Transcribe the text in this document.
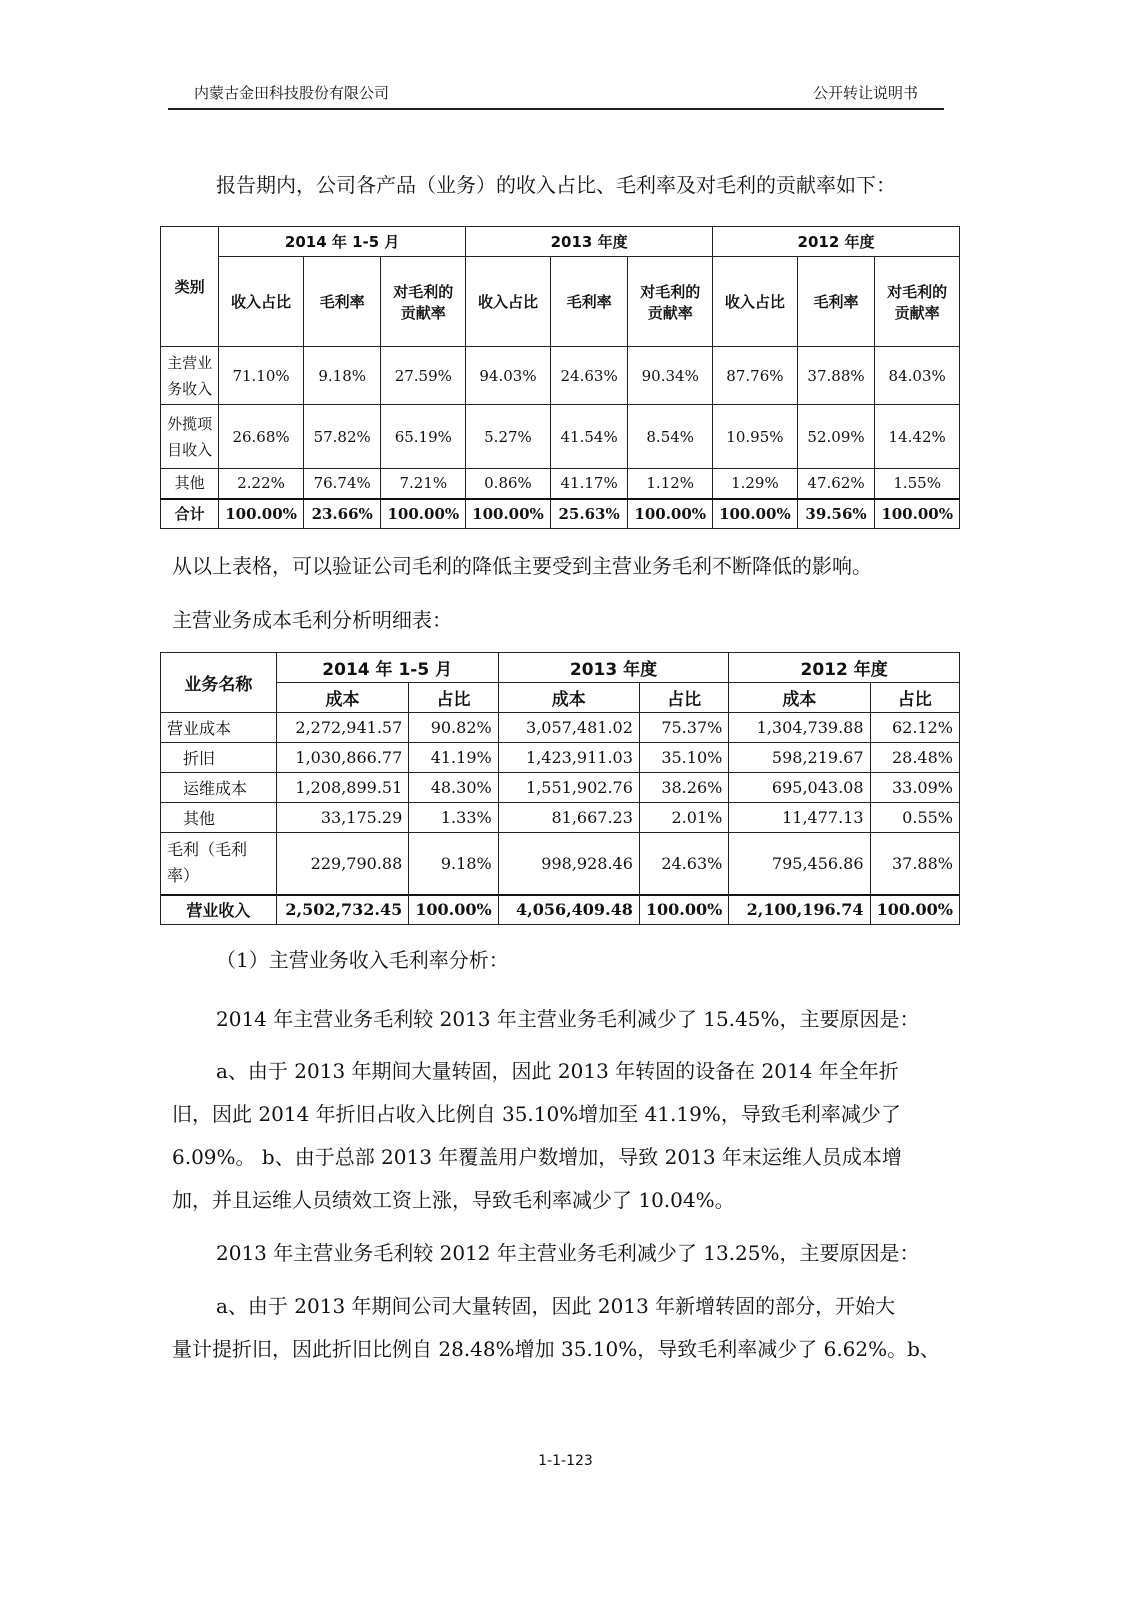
内蒙古金田科技股份有限公司	公开转让说明书
报告期内，公司各产品（业务）的收入占比、毛利率及对毛利的贡献率如下：
类别	2014 年 1-5 月			2013 年度			2012 年度		
	收入占比	毛利率	对毛利的贡献率	收入占比	毛利率	对毛利的贡献率	收入占比	毛利率	对毛利的贡献率
主营业务收入	71.10%	9.18%	27.59%	94.03%	24.63%	90.34%	87.76%	37.88%	84.03%
外揽项目收入	26.68%	57.82%	65.19%	5.27%	41.54%	8.54%	10.95%	52.09%	14.42%
其他	2.22%	76.74%	7.21%	0.86%	41.17%	1.12%	1.29%	47.62%	1.55%
合计	100.00%	23.66%	100.00%	100.00%	25.63%	100.00%	100.00%	39.56%	100.00%
从以上表格，可以验证公司毛利的降低主要受到主营业务毛利不断降低的影响。
主营业务成本毛利分析明细表：
业务名称	2014 年 1-5 月		2013 年度		2012 年度	
	成本	占比	成本	占比	成本	占比
营业成本	2,272,941.57	90.82%	3,057,481.02	75.37%	1,304,739.88	62.12%
折旧	1,030,866.77	41.19%	1,423,911.03	35.10%	598,219.67	28.48%
运维成本	1,208,899.51	48.30%	1,551,902.76	38.26%	695,043.08	33.09%
其他	33,175.29	1.33%	81,667.23	2.01%	11,477.13	0.55%
毛利（毛利率）	229,790.88	9.18%	998,928.46	24.63%	795,456.86	37.88%
营业收入	2,502,732.45	100.00%	4,056,409.48	100.00%	2,100,196.74	100.00%
（1）主营业务收入毛利率分析：
2014 年主营业务毛利较 2013 年主营业务毛利减少了 15.45%，主要原因是：
a、由于 2013 年期间大量转固，因此 2013 年转固的设备在 2014 年全年折
旧，因此 2014 年折旧占收入比例自 35.10%增加至 41.19%，导致毛利率减少了
6.09%。 b、由于总部 2013 年覆盖用户数增加，导致 2013 年末运维人员成本增
加，并且运维人员绩效工资上涨，导致毛利率减少了 10.04%。
2013 年主营业务毛利较 2012 年主营业务毛利减少了 13.25%，主要原因是：
a、由于 2013 年期间公司大量转固，因此 2013 年新增转固的部分，开始大
量计提折旧，因此折旧比例自 28.48%增加 35.10%，导致毛利率减少了 6.62%。b、
1-1-123
